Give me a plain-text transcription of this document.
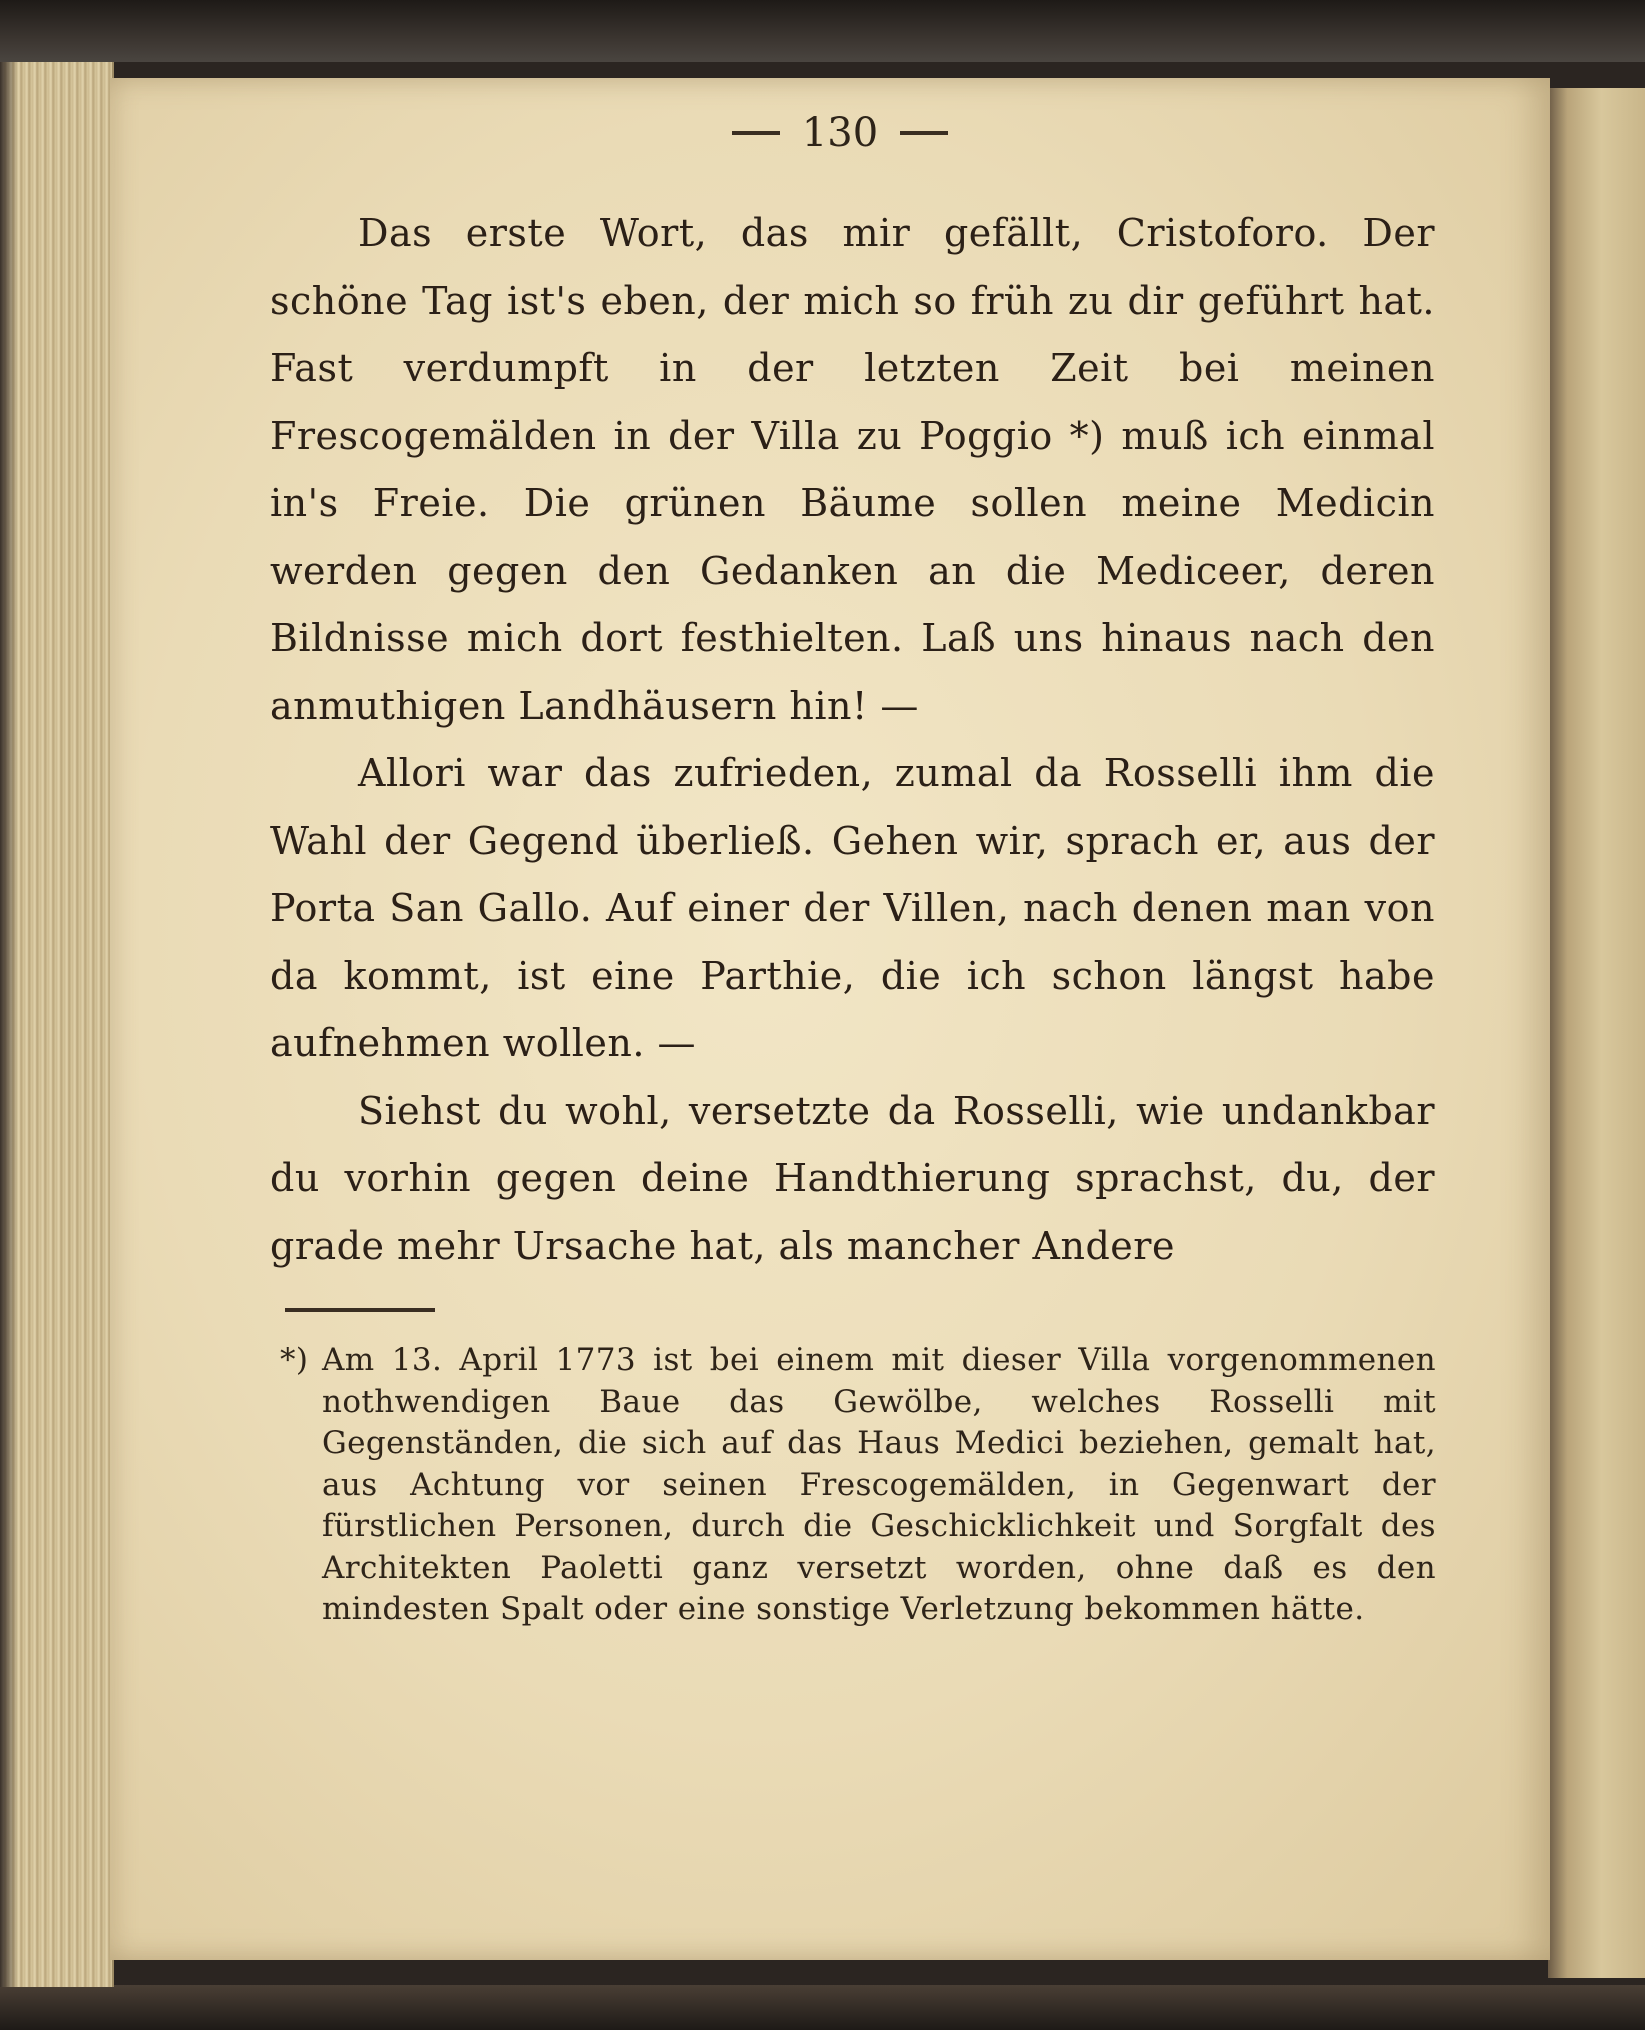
130

Das erste Wort, das mir gefällt, Cristoforo. Der schöne Tag ist's eben, der mich so früh zu dir geführt hat. Fast verdumpft in der letzten Zeit bei meinen Frescogemälden in der Villa zu Poggio *) muß ich einmal in's Freie. Die grünen Bäume sollen meine Medicin werden gegen den Gedanken an die Mediceer, deren Bildnisse mich dort festhielten. Laß uns hinaus nach den anmuthigen Landhäusern hin! —

Allori war das zufrieden, zumal da Rosselli ihm die Wahl der Gegend überließ. Gehen wir, sprach er, aus der Porta San Gallo. Auf einer der Villen, nach denen man von da kommt, ist eine Parthie, die ich schon längst habe aufnehmen wollen. —

Siehst du wohl, versetzte da Rosselli, wie undankbar du vorhin gegen deine Handthierung sprachst, du, der grade mehr Ursache hat, als mancher Andere

*) Am 13. April 1773 ist bei einem mit dieser Villa vorgenommenen nothwendigen Baue das Gewölbe, welches Rosselli mit Gegenständen, die sich auf das Haus Medici beziehen, gemalt hat, aus Achtung vor seinen Frescogemälden, in Gegenwart der fürstlichen Personen, durch die Geschicklichkeit und Sorgfalt des Architekten Paoletti ganz versetzt worden, ohne daß es den mindesten Spalt oder eine sonstige Verletzung bekommen hätte.
